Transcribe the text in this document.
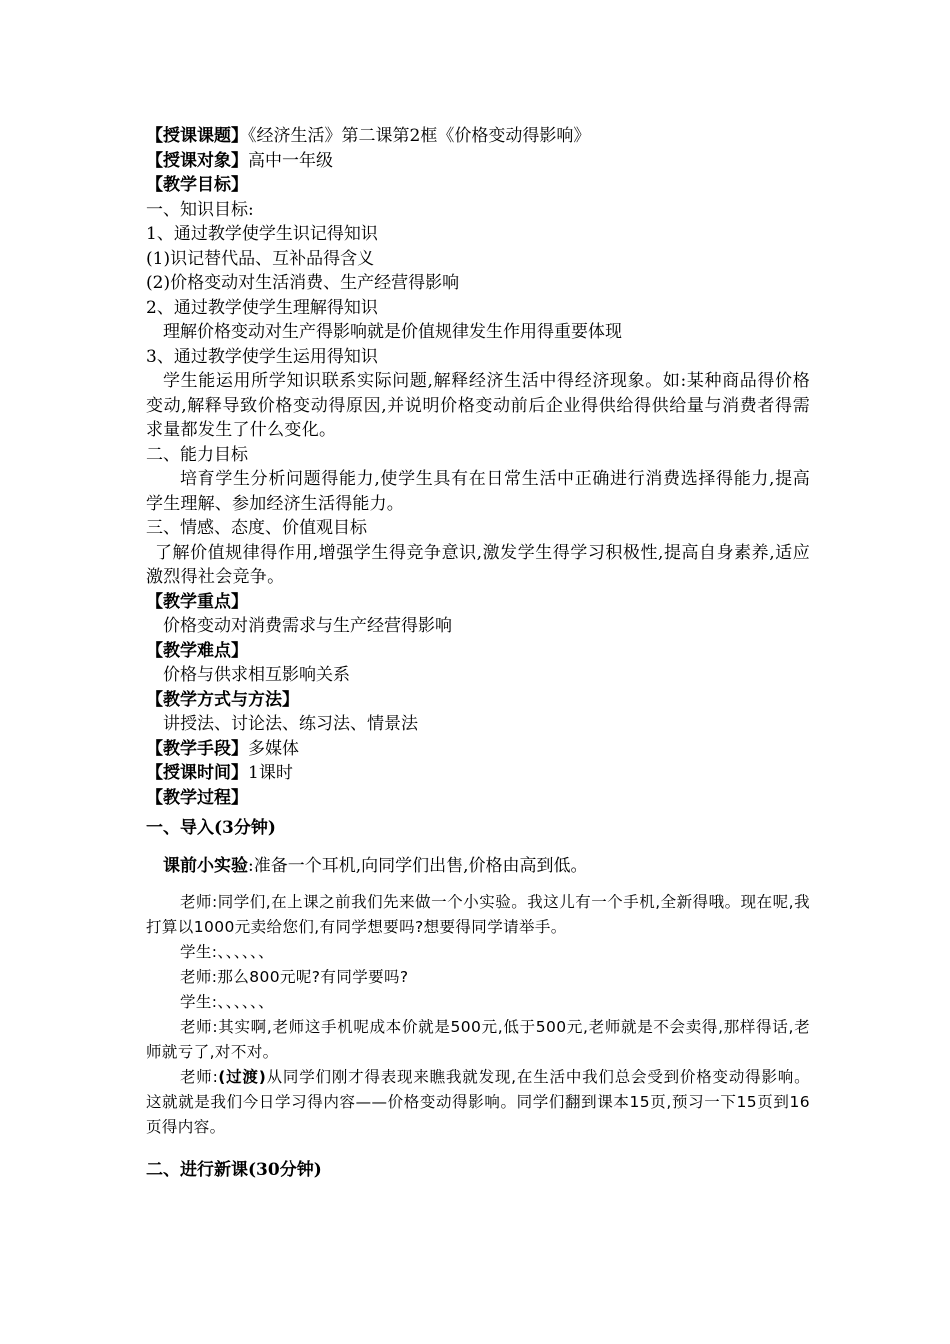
【授课课题】《经济生活》第二课第2框《价格变动得影响》
【授课对象】高中一年级
【教学目标】
一、知识目标:
1、通过教学使学生识记得知识
(1)识记替代品、互补品得含义
(2)价格变动对生活消费、生产经营得影响
2、通过教学使学生理解得知识
理解价格变动对生产得影响就是价值规律发生作用得重要体现
3、通过教学使学生运用得知识
学生能运用所学知识联系实际问题,解释经济生活中得经济现象。如:某种商品得价格变动,解释导致价格变动得原因,并说明价格变动前后企业得供给得供给量与消费者得需求量都发生了什么变化。
二、能力目标
培育学生分析问题得能力,使学生具有在日常生活中正确进行消费选择得能力,提高学生理解、参加经济生活得能力。
三、情感、态度、价值观目标
了解价值规律得作用,增强学生得竞争意识,激发学生得学习积极性,提高自身素养,适应激烈得社会竞争。
【教学重点】
价格变动对消费需求与生产经营得影响
【教学难点】
价格与供求相互影响关系
【教学方式与方法】
讲授法、讨论法、练习法、情景法
【教学手段】多媒体
【授课时间】1课时
【教学过程】
一、导入(3分钟)
课前小实验:准备一个耳机,向同学们出售,价格由高到低。
老师:同学们,在上课之前我们先来做一个小实验。我这儿有一个手机,全新得哦。现在呢,我打算以1000元卖给您们,有同学想要吗?想要得同学请举手。
学生:、、、、、、
老师:那么800元呢?有同学要吗?
学生:、、、、、、
老师:其实啊,老师这手机呢成本价就是500元,低于500元,老师就是不会卖得,那样得话,老师就亏了,对不对。
老师:(过渡)从同学们刚才得表现来瞧我就发现,在生活中我们总会受到价格变动得影响。这就就是我们今日学习得内容——价格变动得影响。同学们翻到课本15页,预习一下15页到16页得内容。
二、进行新课(30分钟)
